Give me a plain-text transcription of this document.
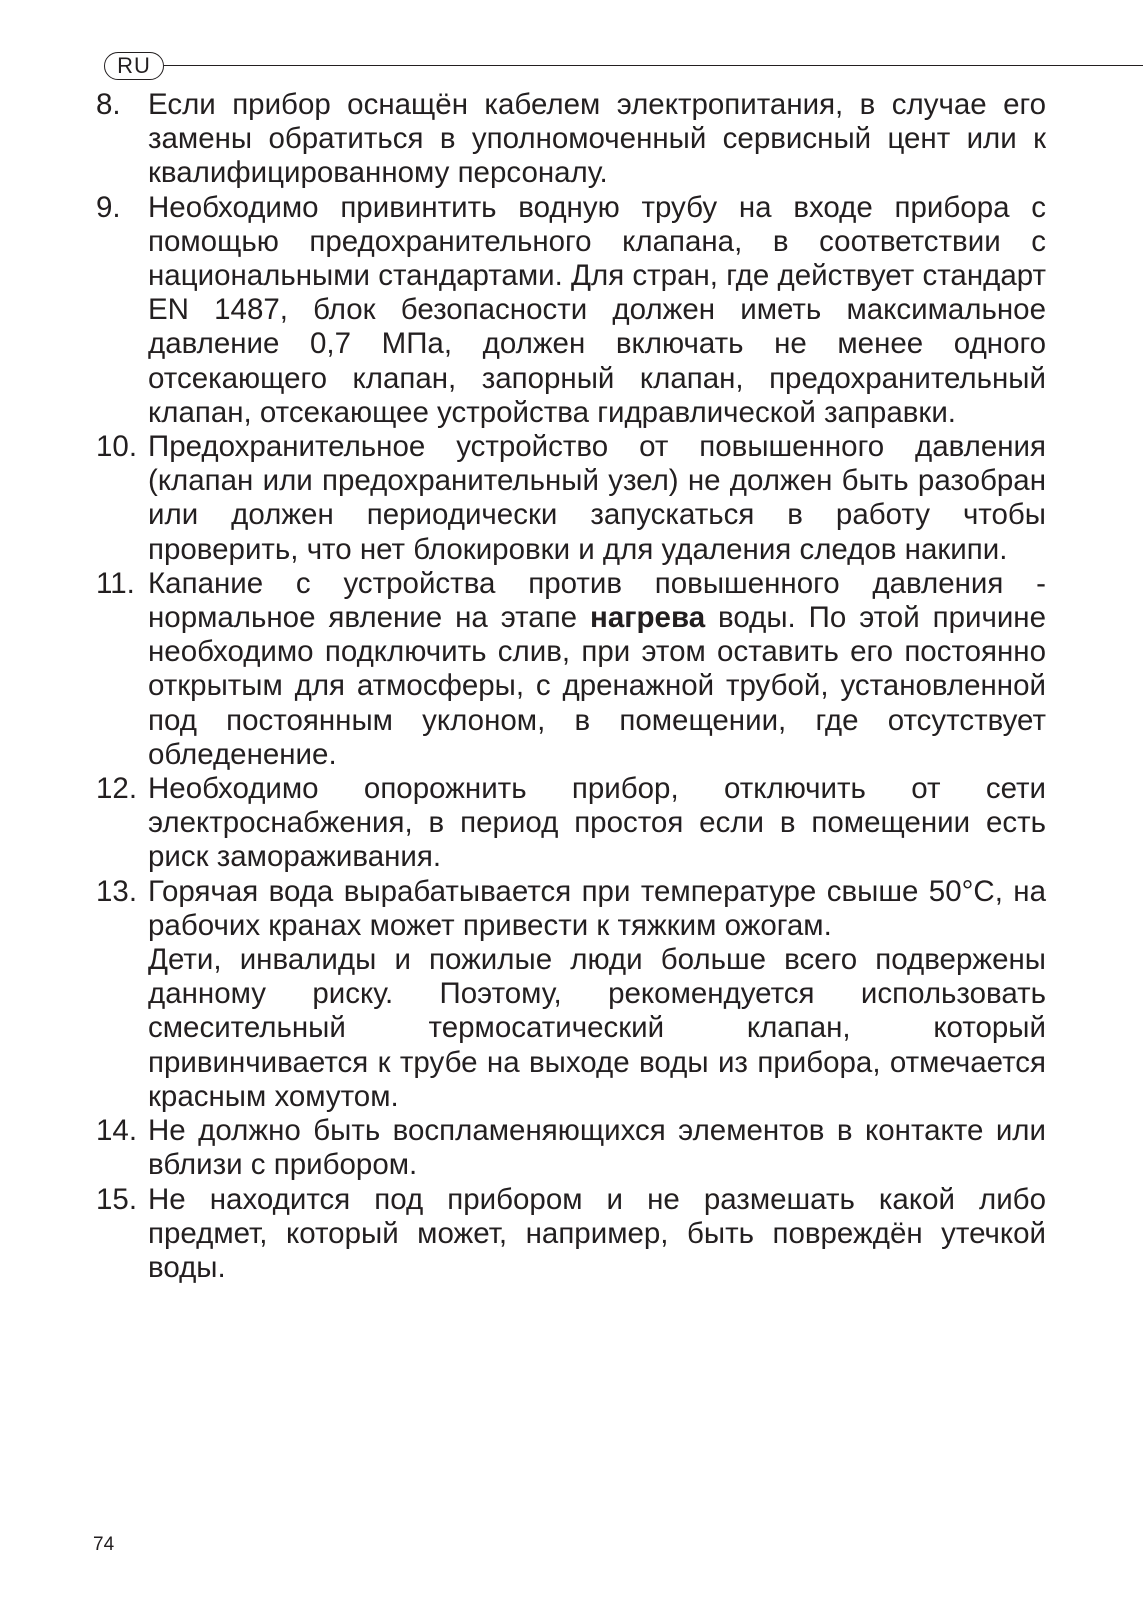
RU
8. Если прибор оснащён кабелем электропитания, в случае его замены обратиться в уполномоченный сервисный цент или к квалифицированному персоналу.

9. Необходимо привинтить водную трубу на входе прибора с помощью предохранительного клапана, в соответствии с национальными стандартами. Для стран, где действует стандарт EN 1487, блок безопасности должен иметь максимальное давление 0,7 МПа, должен включать не менее одного отсекающего клапан, запорный клапан, предохранительный клапан, отсекающее устройства гидравлической заправки.

10. Предохранительное устройство от повышенного давления (клапан или предохранительный узел) не должен быть разобран или должен периодически запускаться в работу чтобы проверить, что нет блокировки и для удаления следов накипи.

11. Капание с устройства против повышенного давления - нормальное явление на этапе нагрева воды. По этой причине необходимо подключить слив, при этом оставить его постоянно открытым для атмосферы, с дренажной трубой, установленной под постоянным уклоном, в помещении, где отсутствует обледенение.

12. Необходимо опорожнить прибор, отключить от сети электроснабжения, в период простоя если в помещении есть риск замораживания.

13. Горячая вода вырабатывается при температуре свыше 50°C, на рабочих кранах может привести к тяжким ожогам.

Дети, инвалиды и пожилые люди больше всего подвержены данному риску. Поэтому, рекомендуется использовать смесительный термосатический клапан, который привинчивается к трубе на выходе воды из прибора, отмечается красным хомутом.

14. Не должно быть воспламеняющихся элементов в контакте или вблизи с прибором.

15. Не находится под прибором и не размешать какой либо предмет, который может, например, быть повреждён утечкой воды.

74
